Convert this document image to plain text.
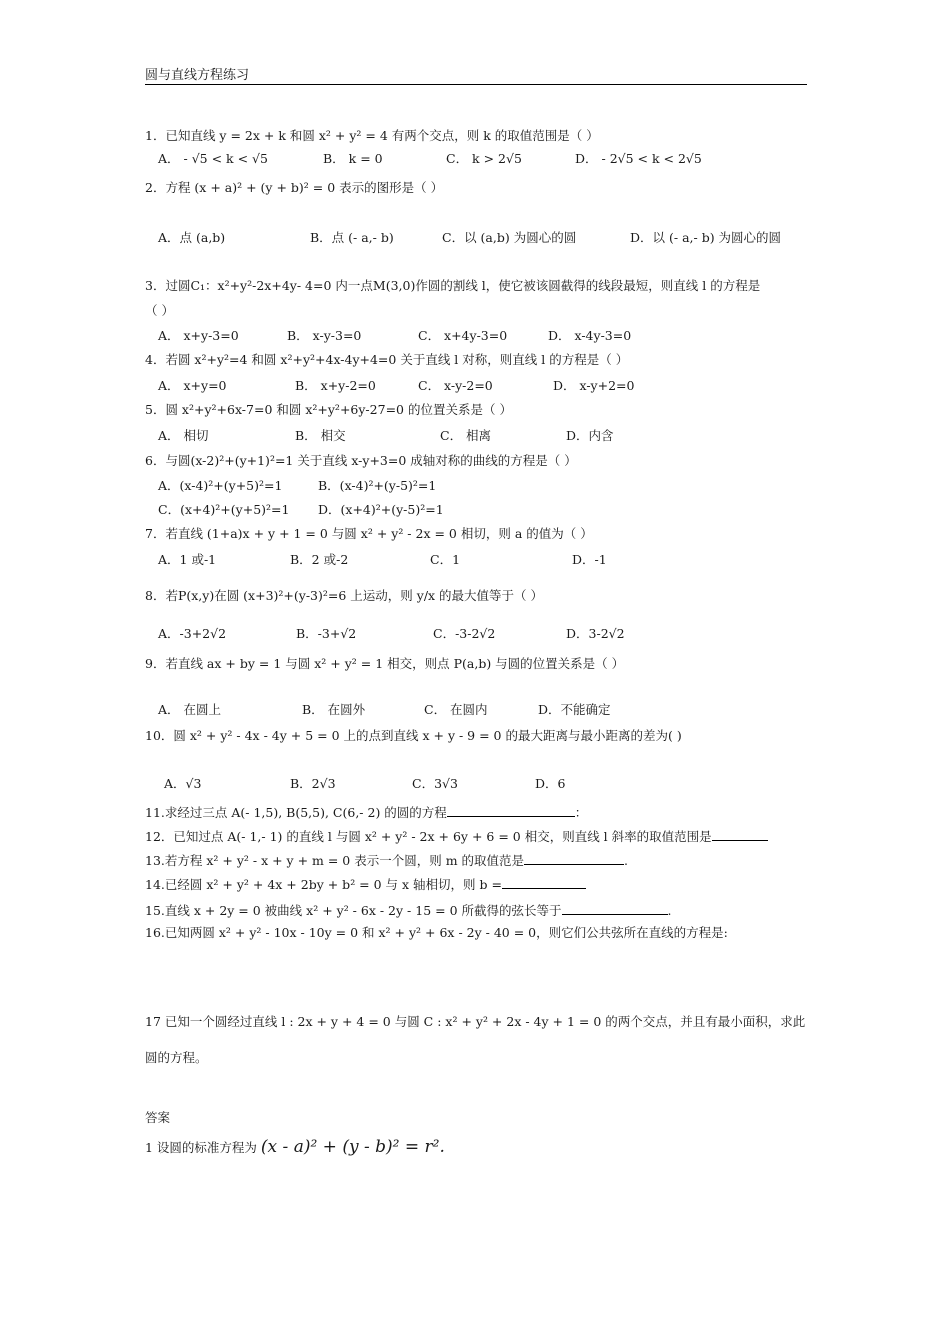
圆与直线方程练习
1．已知直线 y = 2x + k 和圆 x² + y² = 4 有两个交点，则 k 的取值范围是（ ）
A． - √5 < k < √5	B． k = 0	C． k > 2√5	D． - 2√5 < k < 2√5
2．方程 (x + a)² + (y + b)² = 0 表示的图形是（ ）
A．点 (a,b)	B．点 (- a,- b)	C．以 (a,b) 为圆心的圆	D．以 (- a,- b) 为圆心的圆
3．过圆C₁：x²+y²-2x+4y- 4=0 内一点M(3,0)作圆的割线 l，使它被该圆截得的线段最短，则直线 l 的方程是
（ ）
A． x+y-3=0	B． x-y-3=0	C． x+4y-3=0	D． x-4y-3=0
4．若圆 x²+y²=4 和圆 x²+y²+4x-4y+4=0 关于直线 l 对称，则直线 l 的方程是（ ）
A． x+y=0	B． x+y-2=0	C． x-y-2=0	D． x-y+2=0
5．圆 x²+y²+6x-7=0 和圆 x²+y²+6y-27=0 的位置关系是（ ）
A． 相切	B． 相交	C． 相离	D．内含
6．与圆(x-2)²+(y+1)²=1 关于直线 x-y+3=0 成轴对称的曲线的方程是（ ）
A．(x-4)²+(y+5)²=1	B．(x-4)²+(y-5)²=1
C．(x+4)²+(y+5)²=1 D．(x+4)²+(y-5)²=1
7．若直线 (1+a)x + y + 1 = 0 与圆 x² + y² - 2x = 0 相切，则 a 的值为（ ）
A．1 或-1	B．2 或-2	C．1	D．-1
8．若P(x,y)在圆 (x+3)²+(y-3)²=6 上运动，则 y/x 的最大值等于（ ）
A．-3+2√2	B．-3+√2	C．-3-2√2	D．3-2√2
9．若直线 ax + by = 1 与圆 x² + y² = 1 相交，则点 P(a,b) 与圆的位置关系是（ ）
A． 在圆上	B． 在圆外	C． 在圆内	D．不能确定
10．圆 x² + y² - 4x - 4y + 5 = 0 上的点到直线 x + y - 9 = 0 的最大距离与最小距离的差为( )
A．√3	B．2√3	C．3√3	D．6
11.求经过三点 A(- 1,5), B(5,5), C(6,- 2) 的圆的方程	：
12．已知过点 A(- 1,- 1) 的直线 l 与圆 x² + y² - 2x + 6y + 6 = 0 相交，则直线 l 斜率的取值范围是
13.若方程 x² + y² - x + y + m = 0 表示一个圆，则 m 的取值范是	.
14.已经圆 x² + y² + 4x + 2by + b² = 0 与 x 轴相切，则 b =
15.直线 x + 2y = 0 被曲线 x² + y² - 6x - 2y - 15 = 0 所截得的弦长等于	.
16.已知两圆 x² + y² - 10x - 10y = 0 和 x² + y² + 6x - 2y - 40 = 0，则它们公共弦所在直线的方程是:
17 已知一个圆经过直线 l : 2x + y + 4 = 0 与圆 C : x² + y² + 2x - 4y + 1 = 0 的两个交点，并且有最小面积，求此
圆的方程。
答案
1 设圆的标准方程为 (x - a)² + (y - b)² = r².
